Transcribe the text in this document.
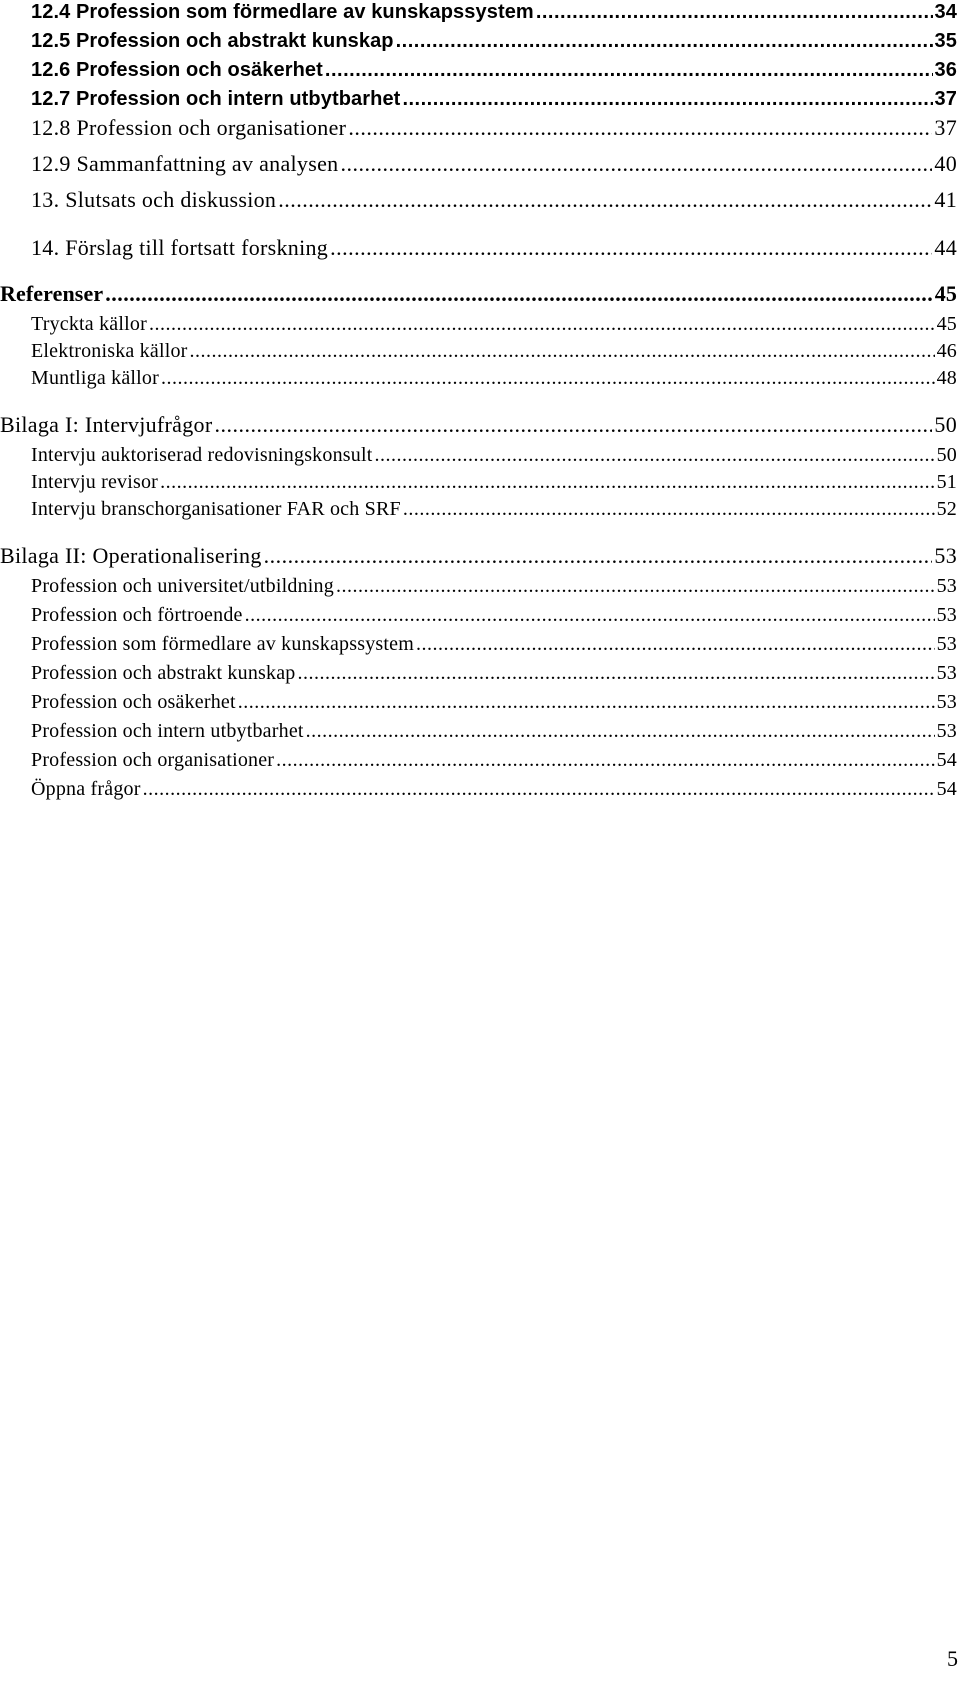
12.4 Profession som förmedlare av kunskapssystem .....	34
12.5 Profession och abstrakt kunskap .....	35
12.6 Profession och osäkerhet .....	36
12.7 Profession och intern utbytbarhet .....	37
12.8 Profession och organisationer .....	37
12.9 Sammanfattning av analysen .....	40
13. Slutsats och diskussion .....	41
14. Förslag till fortsatt forskning .....	44
Referenser .....	45
Tryckta källor .....	45
Elektroniska källor .....	46
Muntliga källor .....	48
Bilaga I: Intervjufrågor .....	50
Intervju auktoriserad redovisningskonsult .....	50
Intervju revisor .....	51
Intervju branschorganisationer FAR och SRF .....	52
Bilaga II: Operationalisering .....	53
Profession och universitet/utbildning .....	53
Profession och förtroende .....	53
Profession som förmedlare av kunskapssystem .....	53
Profession och abstrakt kunskap .....	53
Profession och osäkerhet .....	53
Profession och intern utbytbarhet .....	53
Profession och organisationer .....	54
Öppna frågor .....	54
5
